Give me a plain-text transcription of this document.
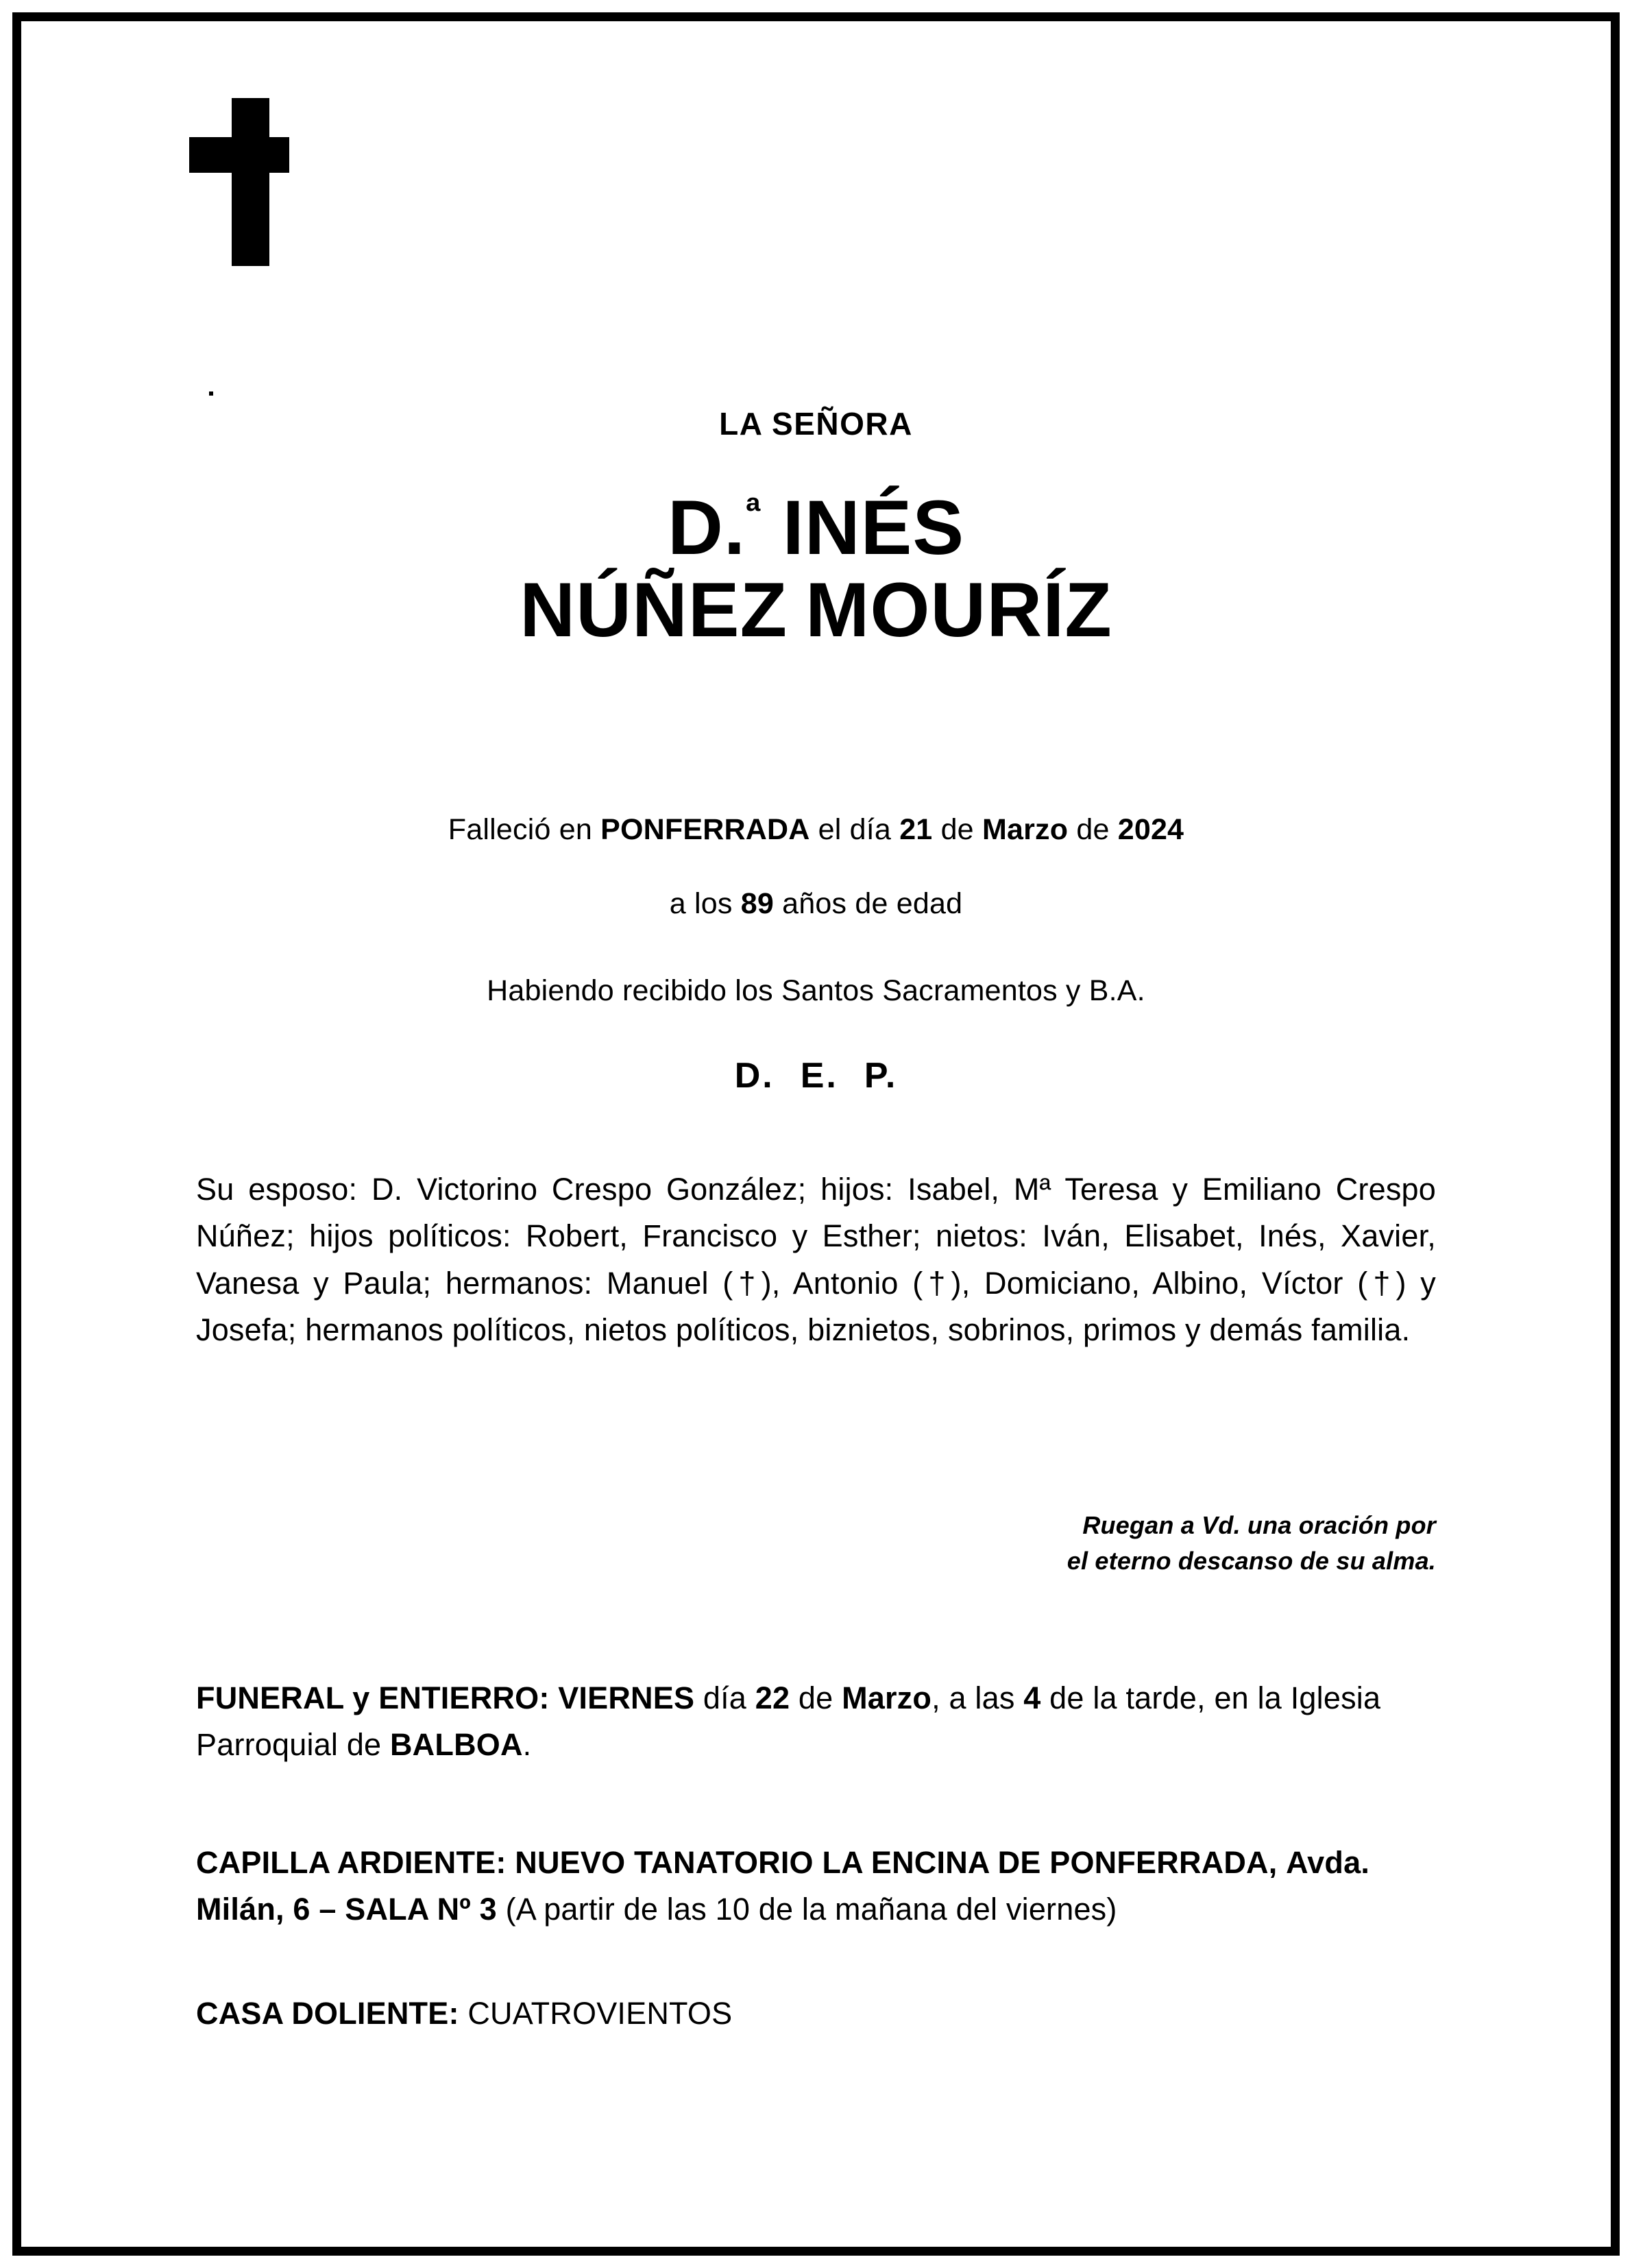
LA SEÑORA
D.$^ª$ INÉS
NÚÑEZ MOURÍZ
Falleció en PONFERRADA el día 21 de Marzo de 2024
a los 89 años de edad
Habiendo recibido los Santos Sacramentos y B.A.
D. E. P.
Su esposo: D. Victorino Crespo González; hijos: Isabel, Mª Teresa y Emiliano Crespo Núñez; hijos políticos: Robert, Francisco y Esther; nietos: Iván, Elisabet, Inés, Xavier, Vanesa y Paula; hermanos: Manuel (†), Antonio (†), Domiciano, Albino, Víctor (†) y Josefa; hermanos políticos, nietos políticos, biznietos, sobrinos, primos y demás familia.
Ruegan a Vd. una oración por
el eterno descanso de su alma.
FUNERAL y ENTIERRO: VIERNES día 22 de Marzo, a las 4 de la tarde, en la Iglesia Parroquial de BALBOA.
CAPILLA ARDIENTE: NUEVO TANATORIO LA ENCINA DE PONFERRADA, Avda. Milán, 6 – SALA Nº 3 (A partir de las 10 de la mañana del viernes)
CASA DOLIENTE: CUATROVIENTOS
